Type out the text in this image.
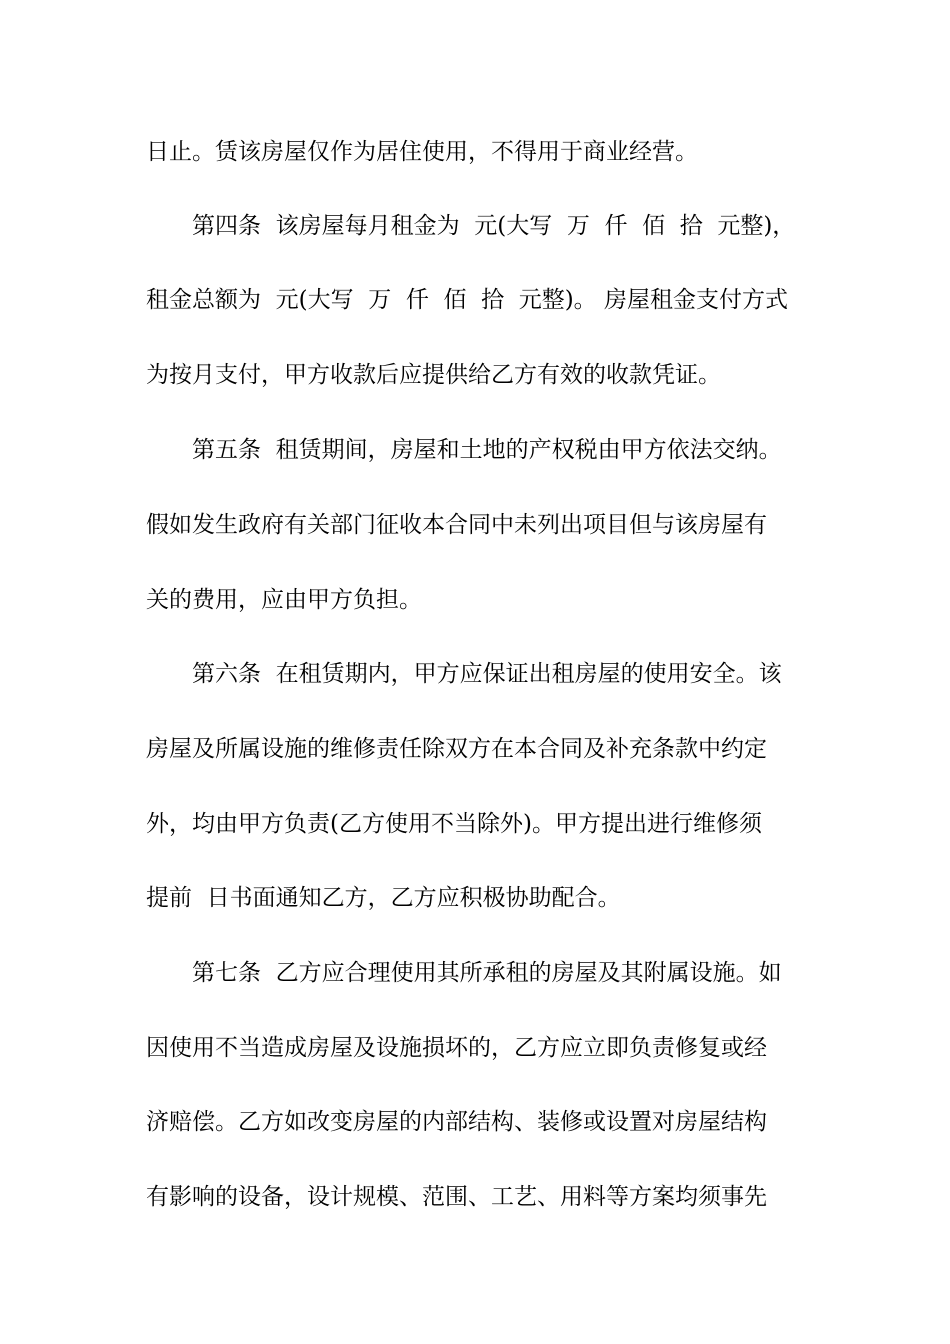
日止。赁该房屋仅作为居住使用，不得用于商业经营。
第四条  该房屋每月租金为  元(大写  万  仟  佰  拾  元整)，
租金总额为  元(大写  万  仟  佰  拾  元整)。 房屋租金支付方式
为按月支付，甲方收款后应提供给乙方有效的收款凭证。
第五条  租赁期间，房屋和土地的产权税由甲方依法交纳。
假如发生政府有关部门征收本合同中未列出项目但与该房屋有
关的费用，应由甲方负担。
第六条  在租赁期内，甲方应保证出租房屋的使用安全。该
房屋及所属设施的维修责任除双方在本合同及补充条款中约定
外，均由甲方负责(乙方使用不当除外)。甲方提出进行维修须
提前  日书面通知乙方，乙方应积极协助配合。
第七条  乙方应合理使用其所承租的房屋及其附属设施。如
因使用不当造成房屋及设施损坏的，乙方应立即负责修复或经
济赔偿。乙方如改变房屋的内部结构、装修或设置对房屋结构
有影响的设备，设计规模、范围、工艺、用料等方案均须事先
